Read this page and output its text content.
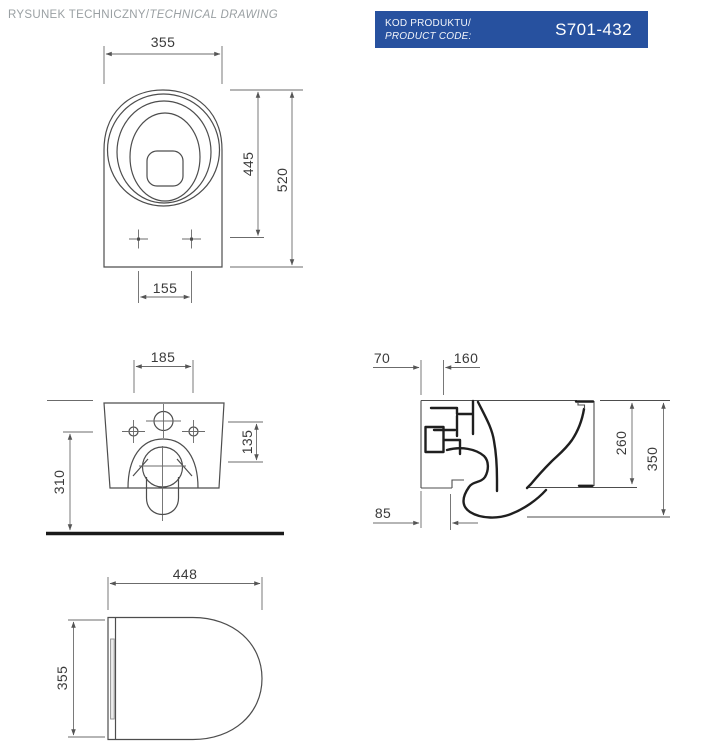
RYSUNEK TECHNICZNY/TECHNICAL DRAWING
KOD PRODUKTU/
PRODUCT CODE:	S701-432
355
445
520
155
185
135
310
70	160
85
260
350
448
355
